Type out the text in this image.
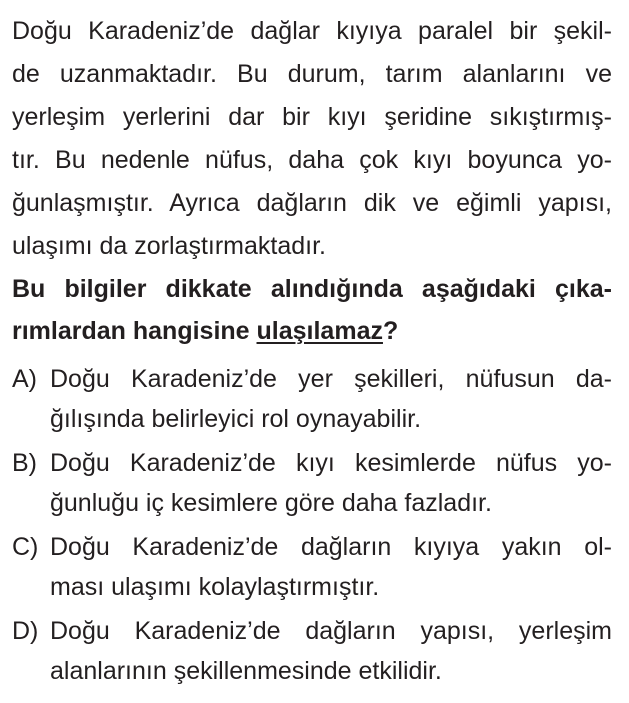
Doğu Karadeniz’de dağlar kıyıya paralel bir şekil-
de uzanmaktadır. Bu durum, tarım alanlarını ve
yerleşim yerlerini dar bir kıyı şeridine sıkıştırmış-
tır. Bu nedenle nüfus, daha çok kıyı boyunca yo-
ğunlaşmıştır. Ayrıca dağların dik ve eğimli yapısı,
ulaşımı da zorlaştırmaktadır.
Bu bilgiler dikkate alındığında aşağıdaki çıka-
rımlardan hangisine ulaşılamaz?
A) Doğu Karadeniz’de yer şekilleri, nüfusun da-
ğılışında belirleyici rol oynayabilir.
B) Doğu Karadeniz’de kıyı kesimlerde nüfus yo-
ğunluğu iç kesimlere göre daha fazladır.
C) Doğu Karadeniz’de dağların kıyıya yakın ol-
ması ulaşımı kolaylaştırmıştır.
D) Doğu Karadeniz’de dağların yapısı, yerleşim
alanlarının şekillenmesinde etkilidir.
